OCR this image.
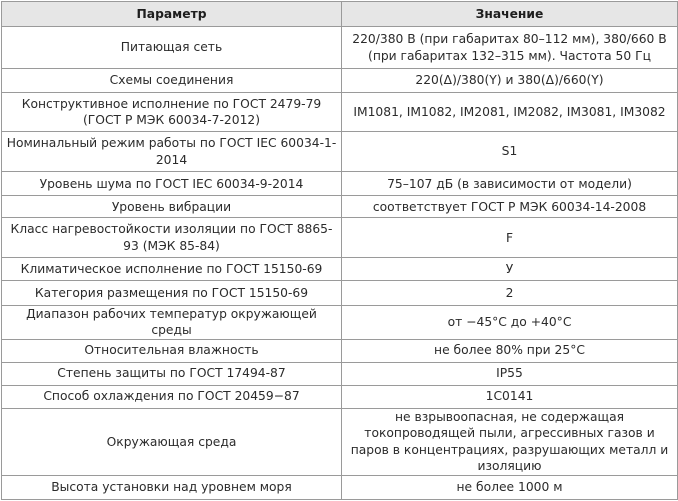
Параметр	Значение
Питающая сеть	220/380 В (при габаритах 80–112 мм), 380/660 В (при габаритах 132–315 мм). Частота 50 Гц
Схемы соединения	220(Δ)/380(Y) и 380(Δ)/660(Y)
Конструктивное исполнение по ГОСТ 2479-79 (ГОСТ Р МЭК 60034-7-2012)	IM1081, IM1082, IM2081, IM2082, IM3081, IM3082
Номинальный режим работы по ГОСТ IEC 60034-1-2014	S1
Уровень шума по ГОСТ IEC 60034-9-2014	75–107 дБ (в зависимости от модели)
Уровень вибрации	соответствует ГОСТ Р МЭК 60034-14-2008
Класс нагревостойкости изоляции по ГОСТ 8865-93 (МЭК 85-84)	F
Климатическое исполнение по ГОСТ 15150-69	У
Категория размещения по ГОСТ 15150-69	2
Диапазон рабочих температур окружающей среды	от −45°C до +40°C
Относительная влажность	не более 80% при 25°C
Степень защиты по ГОСТ 17494-87	IP55
Способ охлаждения по ГОСТ 20459−87	1С0141
Окружающая среда	не взрывоопасная, не содержащая токопроводящей пыли, агрессивных газов и паров в концентрациях, разрушающих металл и изоляцию
Высота установки над уровнем моря	не более 1000 м
